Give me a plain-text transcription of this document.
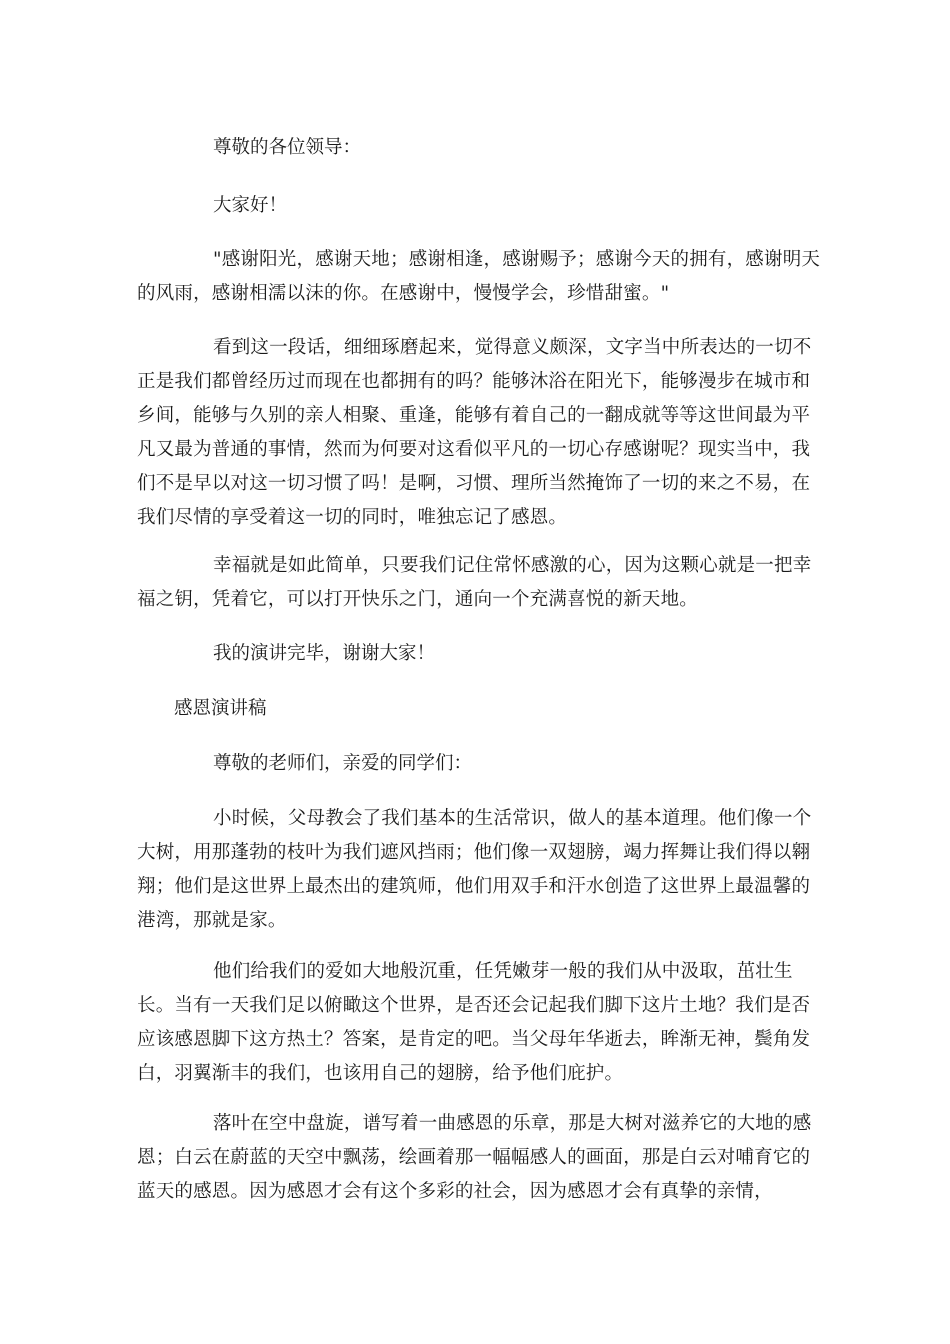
尊敬的各位领导：

大家好！

"感谢阳光，感谢天地；感谢相逢，感谢赐予；感谢今天的拥有，感谢明天的风雨，感谢相濡以沫的你。在感谢中，慢慢学会，珍惜甜蜜。"

看到这一段话，细细琢磨起来，觉得意义颇深，文字当中所表达的一切不正是我们都曾经历过而现在也都拥有的吗？能够沐浴在阳光下，能够漫步在城市和乡间，能够与久别的亲人相聚、重逢，能够有着自己的一翻成就等等这世间最为平凡又最为普通的事情，然而为何要对这看似平凡的一切心存感谢呢？现实当中，我们不是早以对这一切习惯了吗！是啊，习惯、理所当然掩饰了一切的来之不易，在我们尽情的享受着这一切的同时，唯独忘记了感恩。

幸福就是如此简单，只要我们记住常怀感激的心，因为这颗心就是一把幸福之钥，凭着它，可以打开快乐之门，通向一个充满喜悦的新天地。

我的演讲完毕，谢谢大家！

感恩演讲稿

尊敬的老师们，亲爱的同学们：

小时候，父母教会了我们基本的生活常识，做人的基本道理。他们像一个大树，用那蓬勃的枝叶为我们遮风挡雨；他们像一双翅膀，竭力挥舞让我们得以翱翔；他们是这世界上最杰出的建筑师，他们用双手和汗水创造了这世界上最温馨的港湾，那就是家。

他们给我们的爱如大地般沉重，任凭嫩芽一般的我们从中汲取，茁壮生长。当有一天我们足以俯瞰这个世界，是否还会记起我们脚下这片土地？我们是否应该感恩脚下这方热土？答案，是肯定的吧。当父母年华逝去，眸渐无神，鬓角发白，羽翼渐丰的我们，也该用自己的翅膀，给予他们庇护。

落叶在空中盘旋，谱写着一曲感恩的乐章，那是大树对滋养它的大地的感恩；白云在蔚蓝的天空中飘荡，绘画着那一幅幅感人的画面，那是白云对哺育它的蓝天的感恩。因为感恩才会有这个多彩的社会，因为感恩才会有真挚的亲情，
